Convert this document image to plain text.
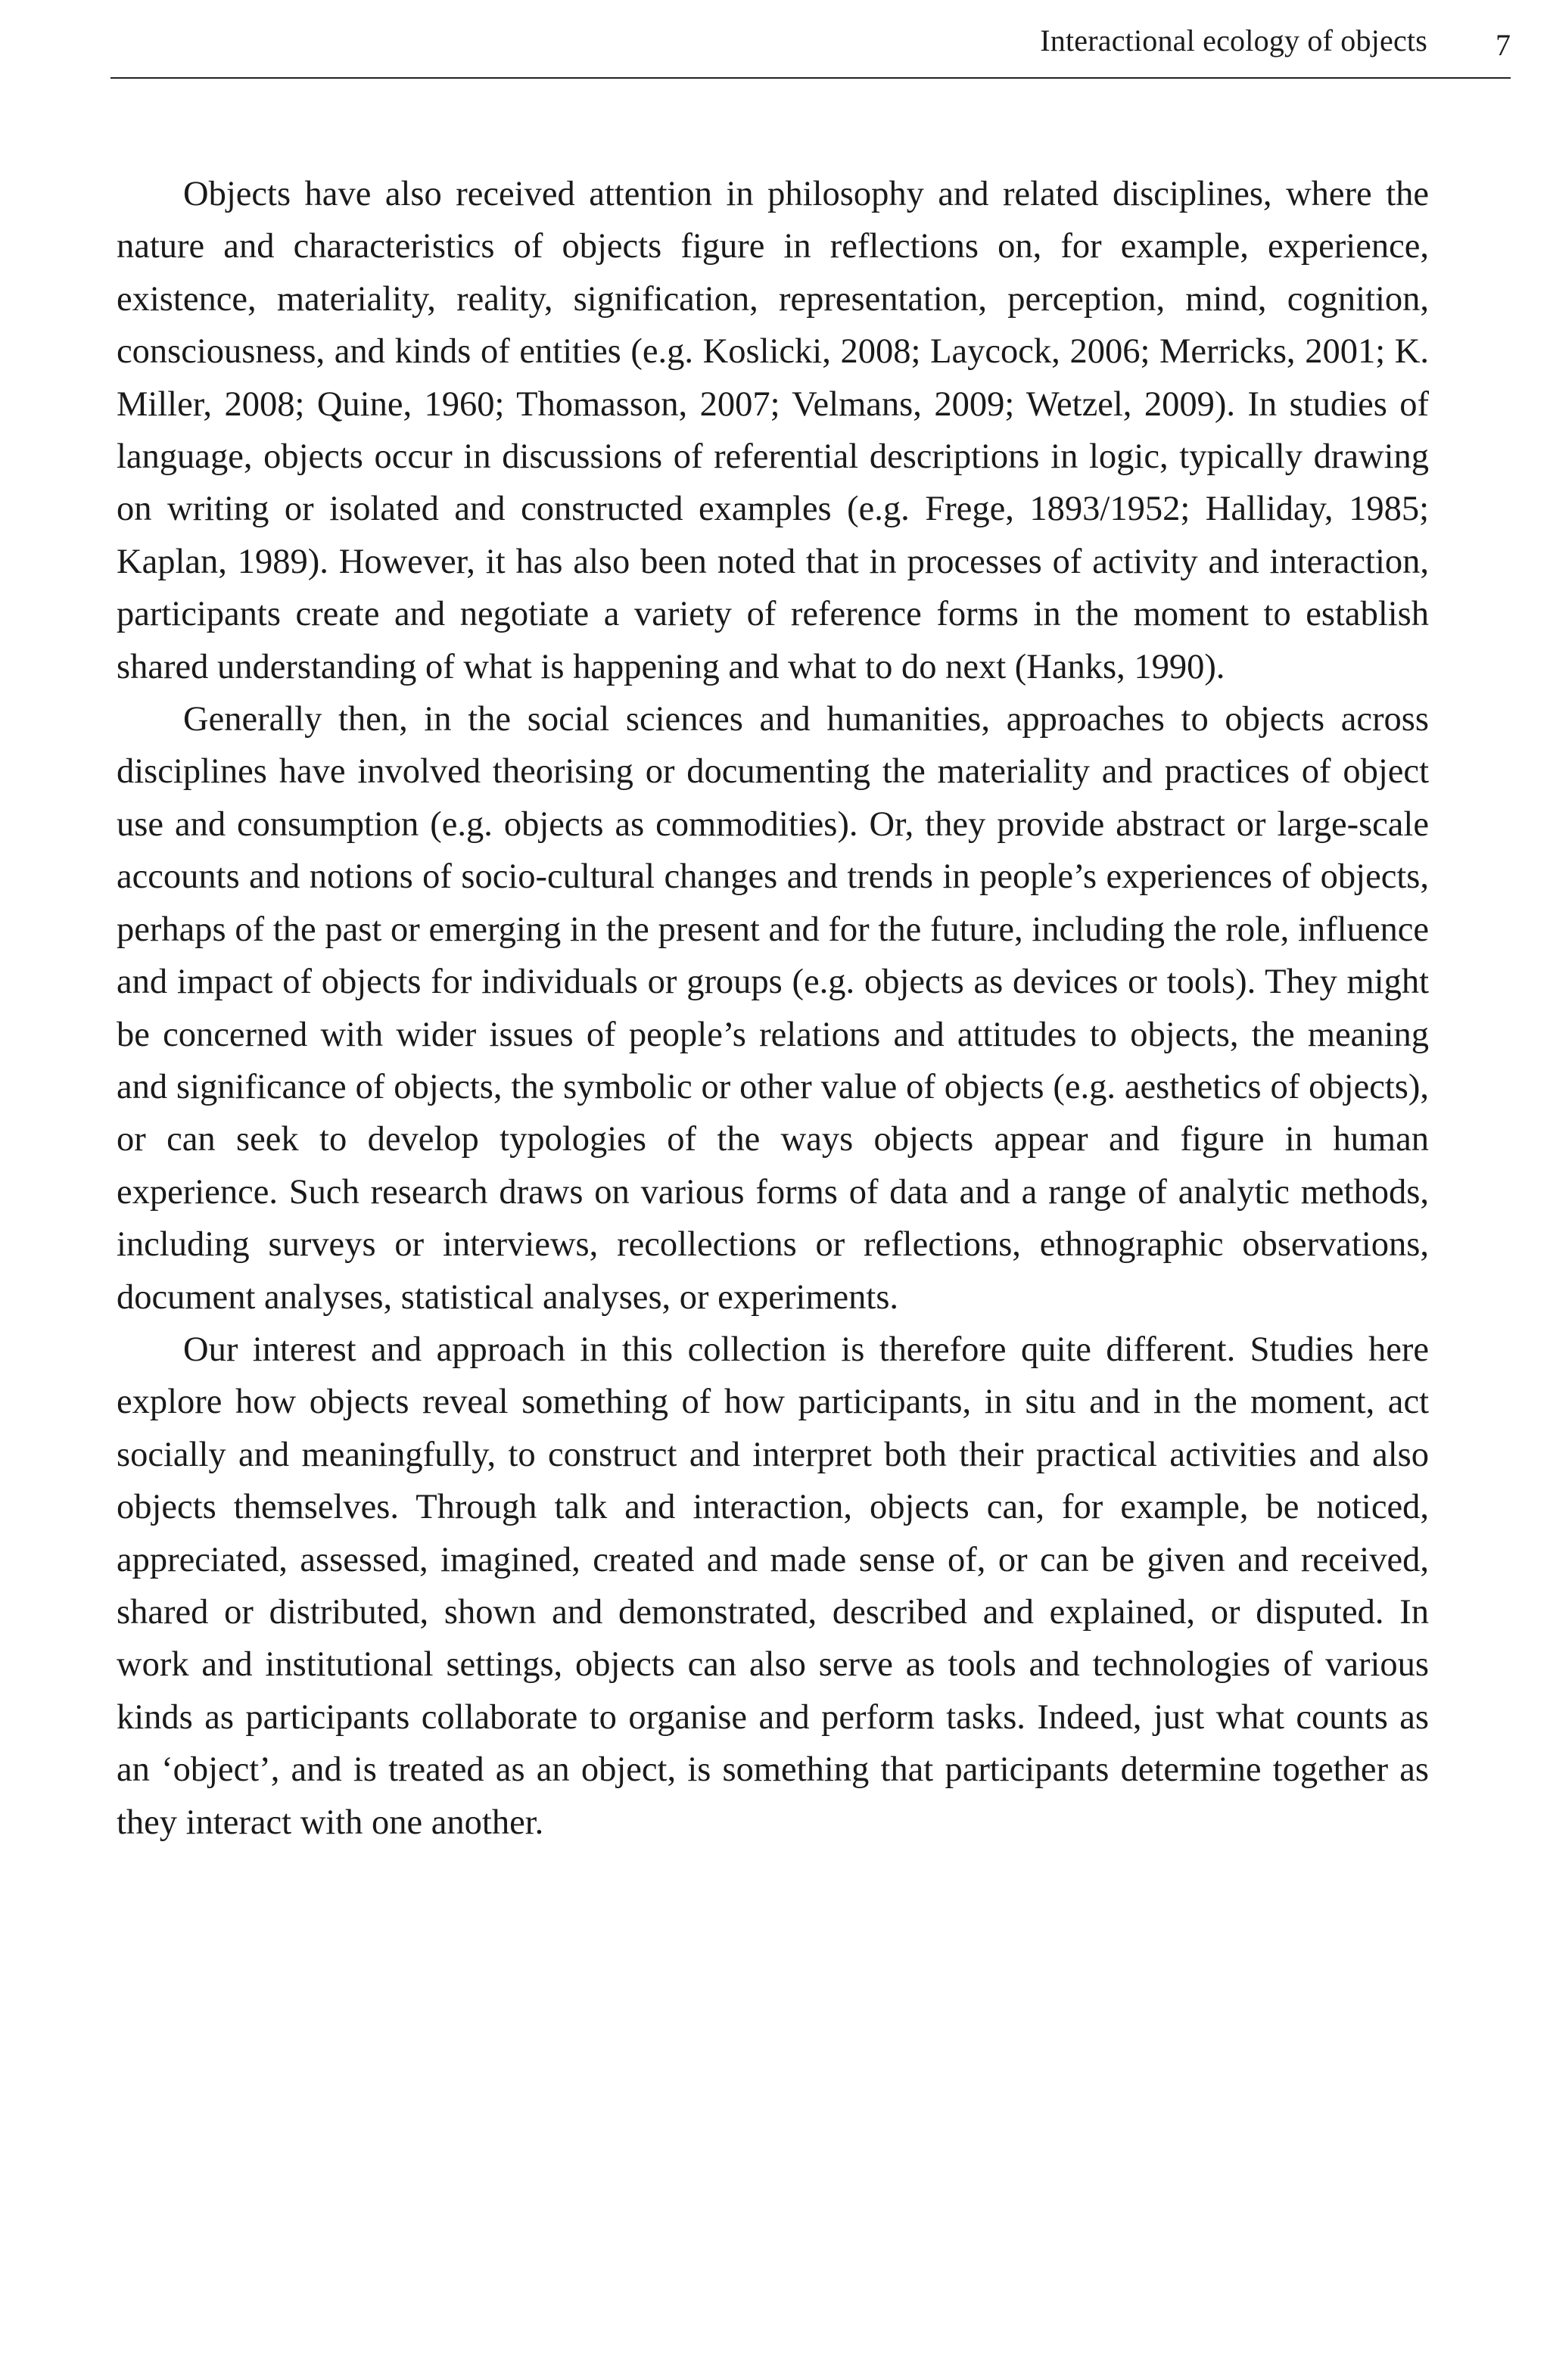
Interactional ecology of objects 7

Objects have also received attention in philosophy and related disciplines, where the nature and characteristics of objects figure in reflections on, for example, experience, existence, materiality, reality, signification, representation, perception, mind, cognition, consciousness, and kinds of entities (e.g. Koslicki, 2008; Laycock, 2006; Merricks, 2001; K. Miller, 2008; Quine, 1960; Thomasson, 2007; Velmans, 2009; Wetzel, 2009). In studies of language, objects occur in discussions of referential descriptions in logic, typically drawing on writing or isolated and constructed examples (e.g. Frege, 1893/1952; Halliday, 1985; Kaplan, 1989). However, it has also been noted that in processes of activity and interaction, participants create and negotiate a variety of reference forms in the moment to establish shared understanding of what is happening and what to do next (Hanks, 1990).

Generally then, in the social sciences and humanities, approaches to objects across disciplines have involved theorising or documenting the materiality and practices of object use and consumption (e.g. objects as commodities). Or, they provide abstract or large-scale accounts and notions of socio-cultural changes and trends in people’s experiences of objects, perhaps of the past or emerging in the present and for the future, including the role, influence and impact of objects for individuals or groups (e.g. objects as devices or tools). They might be concerned with wider issues of people’s relations and attitudes to objects, the meaning and significance of objects, the symbolic or other value of objects (e.g. aesthetics of objects), or can seek to develop typologies of the ways objects appear and figure in human experience. Such research draws on various forms of data and a range of analytic methods, including surveys or interviews, recollections or reflections, ethnographic observations, document analyses, statistical analyses, or experiments.

Our interest and approach in this collection is therefore quite different. Studies here explore how objects reveal something of how participants, in situ and in the moment, act socially and meaningfully, to construct and interpret both their practical activities and also objects themselves. Through talk and interaction, objects can, for example, be noticed, appreciated, assessed, imagined, created and made sense of, or can be given and received, shared or distributed, shown and demonstrated, described and explained, or disputed. In work and institutional settings, objects can also serve as tools and technologies of various kinds as participants collaborate to organise and perform tasks. Indeed, just what counts as an ‘object’, and is treated as an object, is something that participants determine together as they interact with one another.
